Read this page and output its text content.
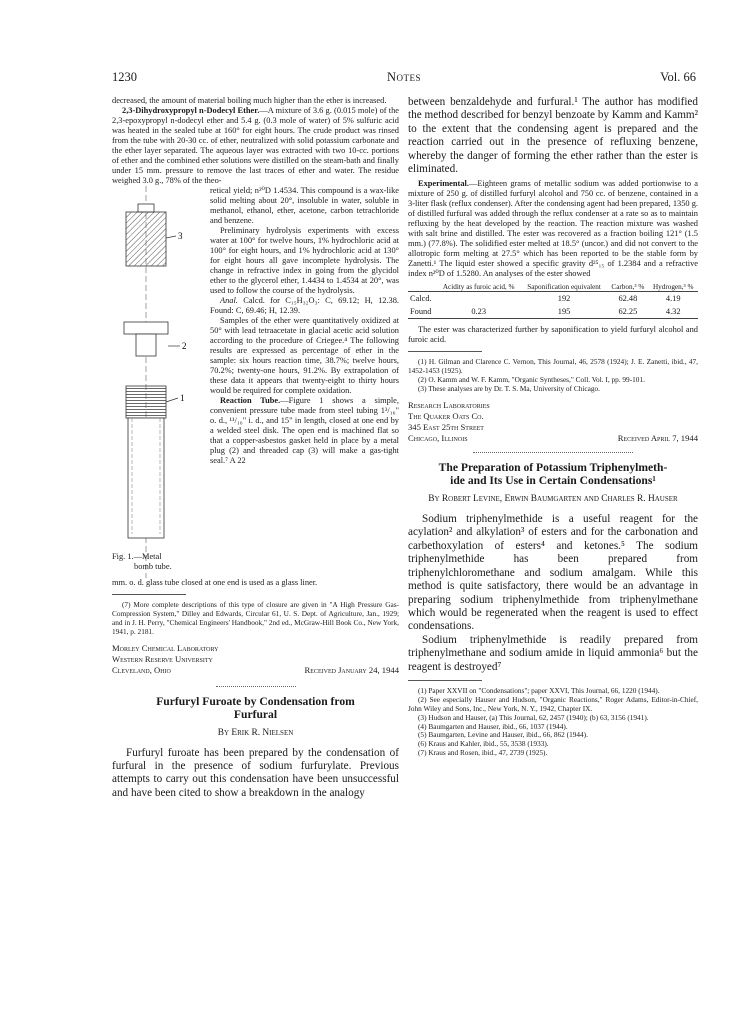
1230	Notes	Vol. 66

decreased, the amount of material boiling much higher than the ether is increased.

2,3-Dihydroxypropyl n-Dodecyl Ether.—A mixture of 3.6 g. (0.015 mole) of the 2,3-epoxypropyl n-dodecyl ether and 5.4 g. (0.3 mole of water) of 5% sulfuric acid was heated in the sealed tube at 160° for eight hours. The crude product was rinsed from the tube with 20-30 cc. of ether, neutralized with solid potassium carbonate and the ether layer separated. The aqueous layer was extracted with two 10-cc. portions of ether and the combined ether solutions were distilled on the steam-bath and finally under 15 mm. pressure to remove the last traces of ether and water. The residue weighed 3.0 g., 78% of the theo-

3
2
1
Fig. 1.—Metal
bomb tube.

retical yield; n²⁰D 1.4534. This compound is a wax-like solid melting about 20°, insoluble in water, soluble in methanol, ethanol, ether, acetone, carbon tetrachloride and benzene.

Preliminary hydrolysis experiments with excess water at 100° for twelve hours, 1% hydrochloric acid at 100° for eight hours, and 1% hydrochloric acid at 130° for eight hours all gave incomplete hydrolysis. The change in refractive index in going from the glycidol ether to the glycerol ether, 1.4434 to 1.4534 at 20°, was used to follow the course of the hydrolysis.

Anal. Calcd. for C₁₅H₃₂O₃: C, 69.12; H, 12.38. Found: C, 69.46; H, 12.39.

Samples of the ether were quantitatively oxidized at 50° with lead tetraacetate in glacial acetic acid solution according to the procedure of Criegee.⁴ The following results are expressed as percentage of ether in the sample: six hours reaction time, 38.7%; twelve hours, 70.2%; twenty-one hours, 91.2%. By extrapolation of these data it appears that twenty-eight to thirty hours would be required for complete oxidation.

Reaction Tube.—Figure 1 shows a simple, convenient pressure tube made from steel tubing 1³/₁₆" o. d., ¹¹/₁₆" i. d., and 15" in length, closed at one end by a welded steel disk. The open end is machined flat so that a copper-asbestos gasket held in place by a metal plug (2) and threaded cap (3) will make a gas-tight seal.⁷ A 22

mm. o. d. glass tube closed at one end is used as a glass liner.

(7) More complete descriptions of this type of closure are given in "A High Pressure Gas-Compression System," Dilley and Edwards, Circular 61, U. S. Dept. of Agriculture, Jan., 1929; and in J. H. Perry, "Chemical Engineers' Handbook," 2nd ed., McGraw-Hill Book Co., New York, 1941, p. 2181.

Morley Chemical Laboratory
Western Reserve University
Cleveland, Ohio	Received January 24, 1944
Furfuryl Furoate by Condensation from
Furfural
By Erik R. Nielsen

Furfuryl furoate has been prepared by the condensation of furfural in the presence of sodium furfurylate. Previous attempts to carry out this condensation have been unsuccessful and have been cited to show a breakdown in the analogy

between benzaldehyde and furfural.¹ The author has modified the method described for benzyl benzoate by Kamm and Kamm² to the extent that the condensing agent is prepared and the reaction carried out in the presence of refluxing benzene, whereby the danger of forming the ether rather than the ester is eliminated.

Experimental.—Eighteen grams of metallic sodium was added portionwise to a mixture of 250 g. of distilled furfuryl alcohol and 750 cc. of benzene, contained in a 3-liter flask (reflux condenser). After the condensing agent had been prepared, 1350 g. of distilled furfural was added through the reflux condenser at a rate so as to maintain refluxing by the heat developed by the reaction. The reaction mixture was washed with salt brine and distilled. The ester was recovered as a fraction boiling 121° (1.5 mm.) (77.8%). The solidified ester melted at 18.5° (uncor.) and did not convert to the allotropic form melting at 27.5° which has been reported to be the stable form by Zanetti.¹ The liquid ester showed a specific gravity d²⁵₁₅ of 1.2384 and a refractive index n²⁰D of 1.5280. An analyses of the ester showed

	Acidity as furoic acid, %	Saponification equivalent	Carbon,³ %	Hydrogen,³ %
Calcd.		192	62.48	4.19
Found	0.23	195	62.25	4.32

The ester was characterized further by saponification to yield furfuryl alcohol and furoic acid.

(1) H. Gilman and Clarence C. Vernon, This Journal, 46, 2578 (1924); J. E. Zanetti, ibid., 47, 1452-1453 (1925).

(2) O. Kamm and W. F. Kamm, "Organic Syntheses," Coll. Vol. I, pp. 99-101.

(3) These analyses are by Dr. T. S. Ma, University of Chicago.

Research Laboratories
The Quaker Oats Co.
345 East 25th Street
Chicago, Illinois	Received April 7, 1944
The Preparation of Potassium Triphenylmeth-
ide and Its Use in Certain Condensations¹
By Robert Levine, Erwin Baumgarten and Charles R. Hauser

Sodium triphenylmethide is a useful reagent for the acylation² and alkylation³ of esters and for the carbonation and carbethoxylation of esters⁴ and ketones.⁵ The sodium triphenylmethide has been prepared from triphenylchloromethane and sodium amalgam. While this method is quite satisfactory, there would be an advantage in preparing sodium triphenylmethide from triphenylmethane which would be regenerated when the reagent is used to effect condensations.

Sodium triphenylmethide is readily prepared from triphenylmethane and sodium amide in liquid ammonia⁶ but the reagent is destroyed⁷

(1) Paper XXVII on "Condensations"; paper XXVI, This Journal, 66, 1220 (1944).

(2) See especially Hauser and Hudson, "Organic Reactions," Roger Adams, Editor-in-Chief, John Wiley and Sons, Inc., New York, N. Y., 1942, Chapter IX.

(3) Hudson and Hauser, (a) This Journal, 62, 2457 (1940); (b) 63, 3156 (1941).

(4) Baumgarten and Hauser, ibid., 66, 1037 (1944).

(5) Baumgarten, Levine and Hauser, ibid., 66, 862 (1944).

(6) Kraus and Kahler, ibid., 55, 3538 (1933).

(7) Kraus and Rosen, ibid., 47, 2739 (1925).
